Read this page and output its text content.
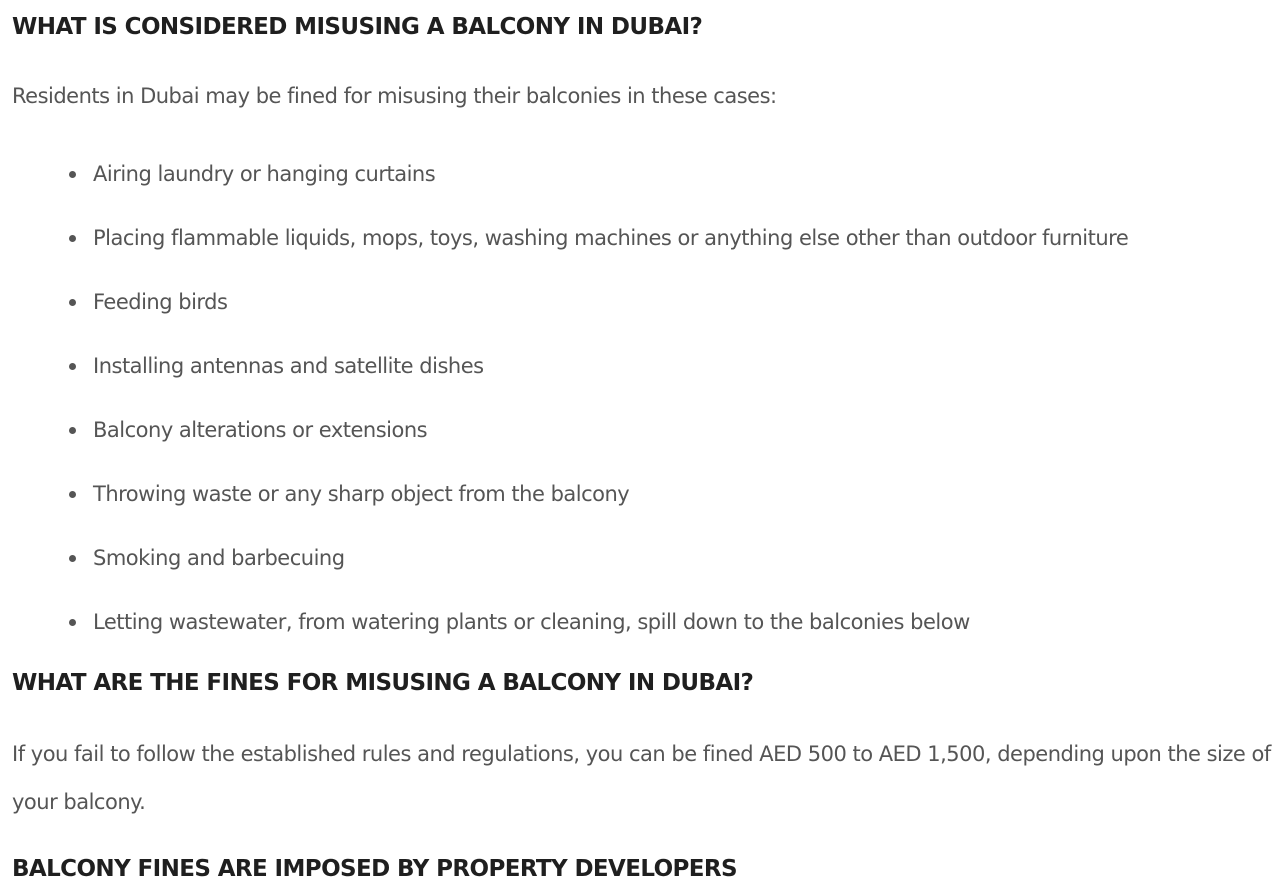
WHAT IS CONSIDERED MISUSING A BALCONY IN DUBAI?

Residents in Dubai may be fined for misusing their balconies in these cases:

Airing laundry or hanging curtains
Placing flammable liquids, mops, toys, washing machines or anything else other than outdoor furniture
Feeding birds
Installing antennas and satellite dishes
Balcony alterations or extensions
Throwing waste or any sharp object from the balcony
Smoking and barbecuing
Letting wastewater, from watering plants or cleaning, spill down to the balconies below
WHAT ARE THE FINES FOR MISUSING A BALCONY IN DUBAI?

If you fail to follow the established rules and regulations, you can be fined AED 500 to AED 1,500, depending upon the size of your balcony.

BALCONY FINES ARE IMPOSED BY PROPERTY DEVELOPERS
